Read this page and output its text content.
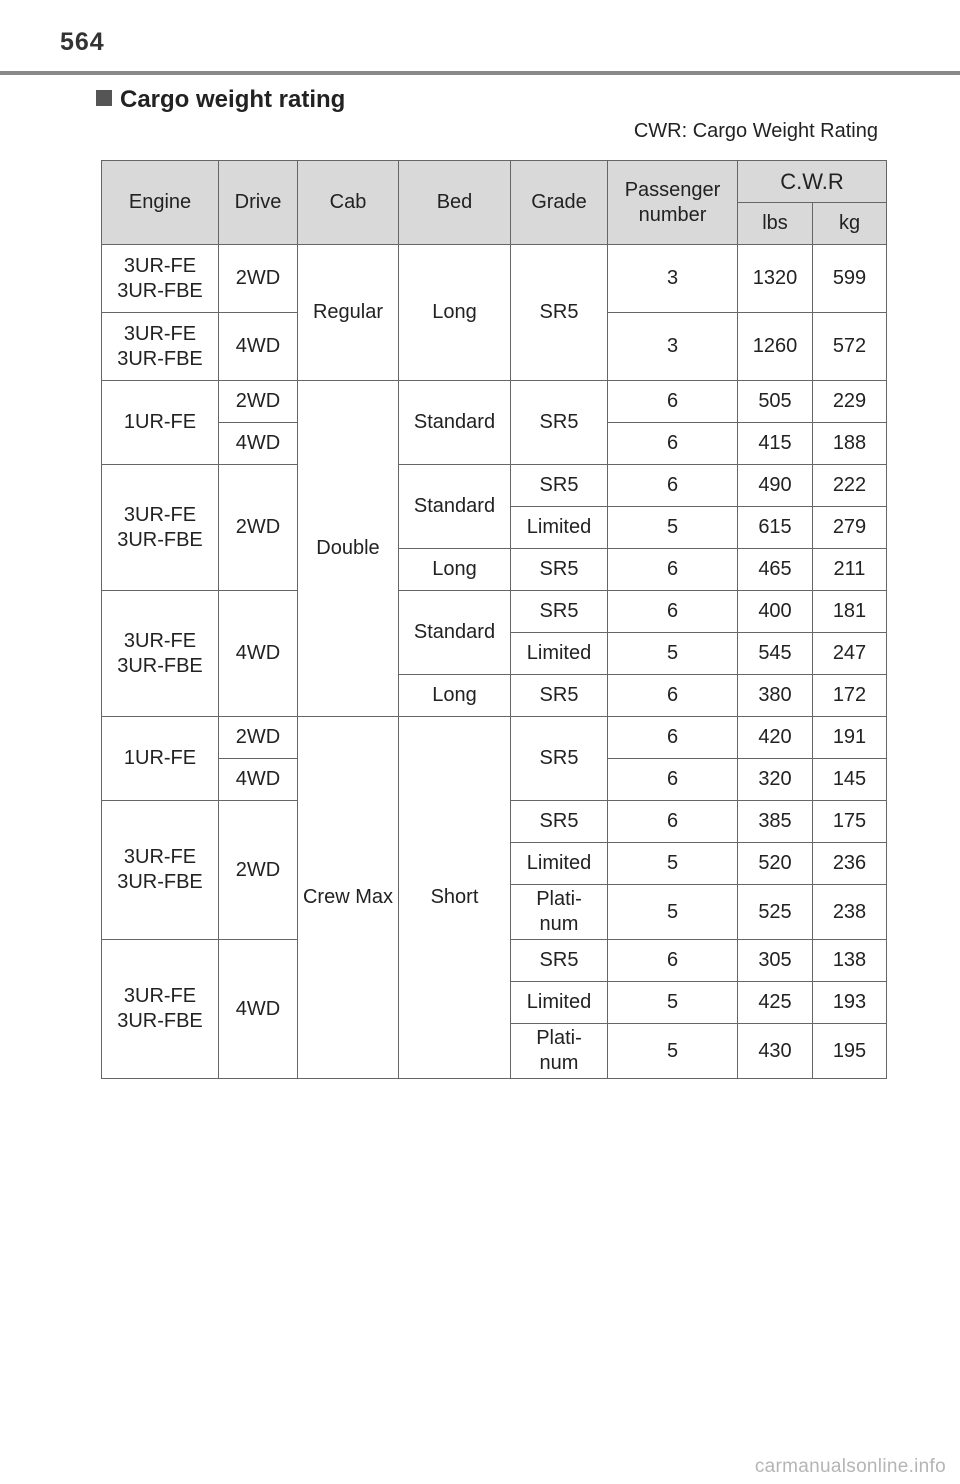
564
Cargo weight rating
CWR: Cargo Weight Rating
Engine	Drive	Cab	Bed	Grade	Passenger number	C.W.R	
						lbs	kg
3UR-FE 3UR-FBE	2WD	Regular	Long	SR5	3	1320	599
3UR-FE 3UR-FBE	4WD				3	1260	572
1UR-FE	2WD	Double	Standard	SR5	6	505	229
	4WD				6	415	188
3UR-FE 3UR-FBE	2WD		Standard	SR5	6	490	222
				Limited	5	615	279
			Long	SR5	6	465	211
3UR-FE 3UR-FBE	4WD		Standard	SR5	6	400	181
				Limited	5	545	247
			Long	SR5	6	380	172
1UR-FE	2WD	Crew Max	Short	SR5	6	420	191
	4WD				6	320	145
3UR-FE 3UR-FBE	2WD			SR5	6	385	175
				Limited	5	520	236
				Plati- num	5	525	238
3UR-FE 3UR-FBE	4WD			SR5	6	305	138
				Limited	5	425	193
				Plati- num	5	430	195
carmanualsonline.info
